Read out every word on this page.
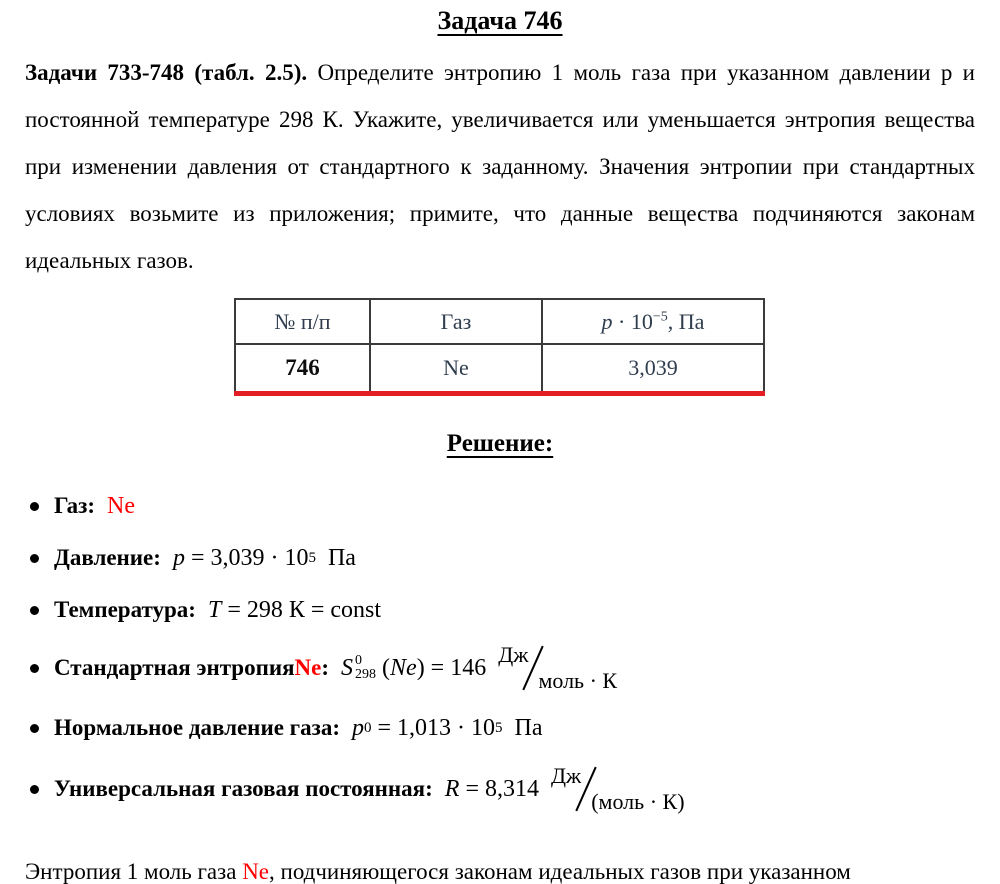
Задача 746

Задачи 733-748 (табл. 2.5). Определите энтропию 1 моль газа при указанном давлении р и постоянной температуре 298 К. Укажите, увеличивается или уменьшается энтропия вещества при изменении давления от стандартного к заданному. Значения энтропии при стандартных условиях возьмите из приложения; примите, что данные вещества подчиняются законам идеальных газов.

№ п/п	Газ	$p \cdot 10^{-5}$, Па
746	Ne	3,039
Решение:
Газ: Ne
Давление: p = 3,039 · 10 5 Па
Температура: T = 298 К = const
Стандартная энтропия Ne : S 0
298 ( Ne ) = 146 Дж
моль · К
Нормальное давление газа: p 0 = 1,013 · 10 5 Па
Универсальная газовая постоянная: R = 8,314 Дж
(моль · К)

Энтропия 1 моль газа Ne, подчиняющегося законам идеальных газов при указанном
